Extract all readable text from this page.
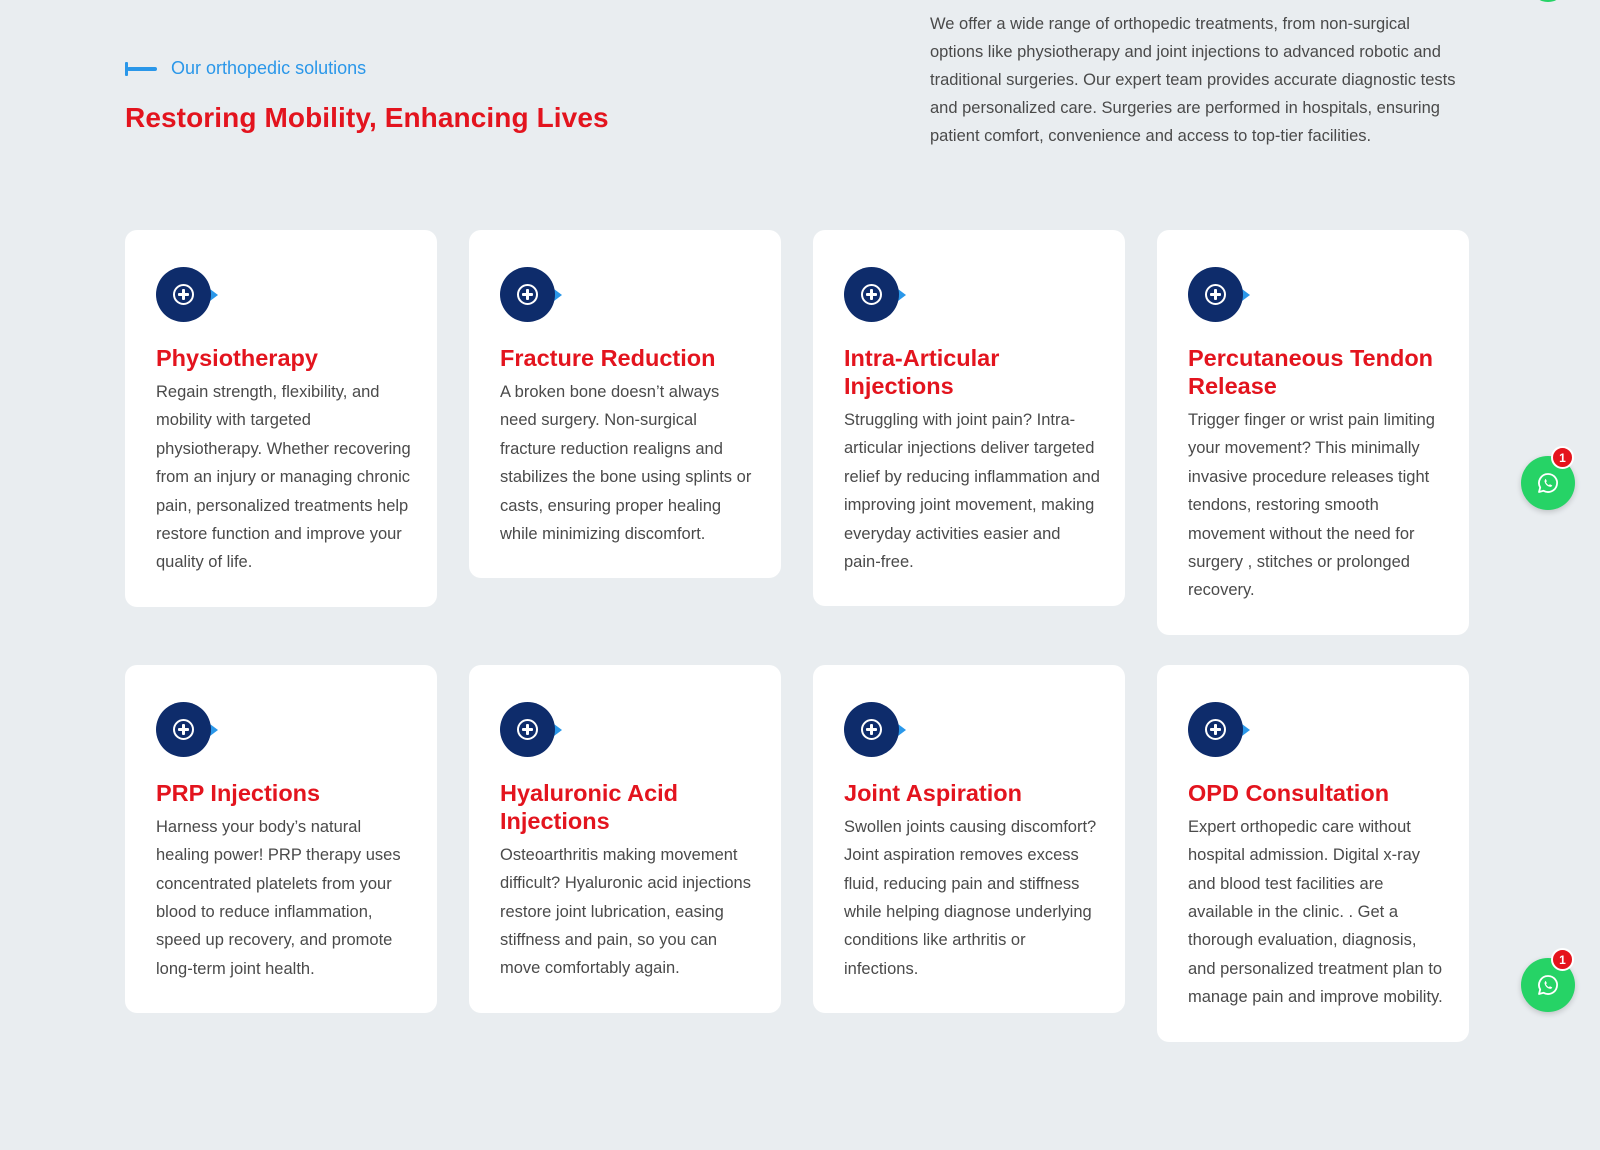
Our orthopedic solutions
Restoring Mobility, Enhancing Lives

We offer a wide range of orthopedic treatments, from non-surgical options like physiotherapy and joint injections to advanced robotic and traditional surgeries. Our expert team provides accurate diagnostic tests and personalized care. Surgeries are performed in hospitals, ensuring patient comfort, convenience and access to top-tier facilities.

Physiotherapy

Regain strength, flexibility, and mobility with targeted physiotherapy. Whether recovering from an injury or managing chronic pain, personalized treatments help restore function and improve your quality of life.

Fracture Reduction

A broken bone doesn’t always need surgery. Non-surgical fracture reduction realigns and stabilizes the bone using splints or casts, ensuring proper healing while minimizing discomfort.

Intra-Articular Injections

Struggling with joint pain? Intra-articular injections deliver targeted relief by reducing inflammation and improving joint movement, making everyday activities easier and pain-free.

Percutaneous Tendon Release

Trigger finger or wrist pain limiting your movement? This minimally invasive procedure releases tight tendons, restoring smooth movement without the need for surgery , stitches or prolonged recovery.

PRP Injections

Harness your body’s natural healing power! PRP therapy uses concentrated platelets from your blood to reduce inflammation, speed up recovery, and promote long-term joint health.

Hyaluronic Acid Injections

Osteoarthritis making movement difficult? Hyaluronic acid injections restore joint lubrication, easing stiffness and pain, so you can move comfortably again.

Joint Aspiration

Swollen joints causing discomfort? Joint aspiration removes excess fluid, reducing pain and stiffness while helping diagnose underlying conditions like arthritis or infections.

OPD Consultation

Expert orthopedic care without hospital admission. Digital x-ray and blood test facilities are available in the clinic. . Get a thorough evaluation, diagnosis, and personalized treatment plan to manage pain and improve mobility.

1
1
